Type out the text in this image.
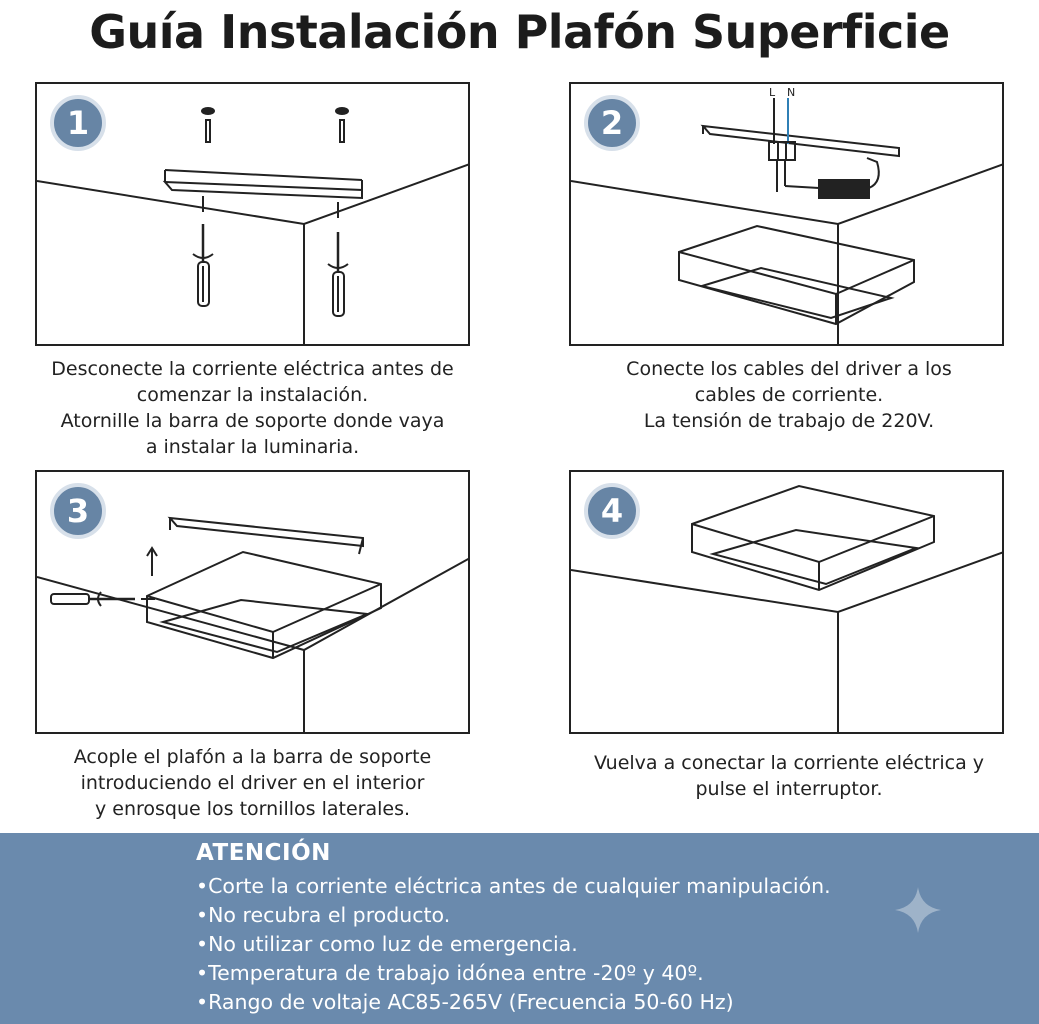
Guía Instalación Plafón Superficie
1
Desconecte la corriente eléctrica antes de
comenzar la instalación.
Atornille la barra de soporte donde vaya
a instalar la luminaria.
2
L N
Conecte los cables del driver a los
cables de corriente.
La tensión de trabajo de 220V.
3
Acople el plafón a la barra de soporte
introduciendo el driver en el interior
y enrosque los tornillos laterales.
4
Vuelva a conectar la corriente eléctrica y
pulse el interruptor.
ATENCIÓN
• Corte la corriente eléctrica antes de cualquier manipulación.
• No recubra el producto.
• No utilizar como luz de emergencia.
• Temperatura de trabajo idónea entre -20º y 40º.
• Rango de voltaje AC85-265V (Frecuencia 50-60 Hz)
